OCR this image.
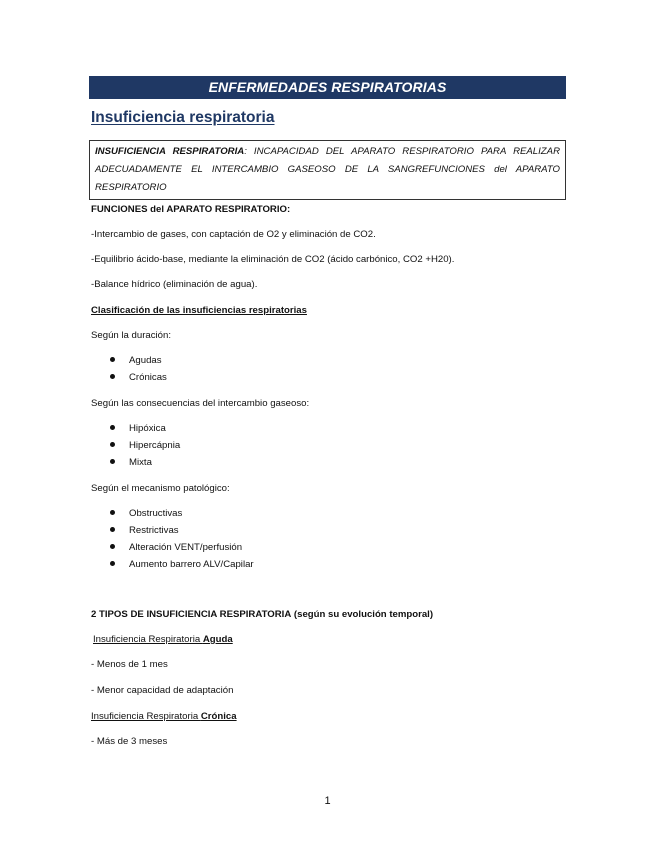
ENFERMEDADES RESPIRATORIAS
Insuficiencia respiratoria
INSUFICIENCIA RESPIRATORIA: INCAPACIDAD DEL APARATO RESPIRATORIO PARA REALIZAR ADECUADAMENTE EL INTERCAMBIO GASEOSO DE LA SANGREFUNCIONES del APARATO RESPIRATORIO
FUNCIONES del APARATO RESPIRATORIO:
-Intercambio de gases, con captación de O2 y eliminación de CO2.
-Equilibrio ácido-base, mediante la eliminación de CO2 (ácido carbónico, CO2 +H20).
-Balance hídrico (eliminación de agua).
Clasificación de las insuficiencias respiratorias
Según la duración:
Agudas
Crónicas
Según las consecuencias del intercambio gaseoso:
Hipóxica
Hipercápnia
Mixta
Según el mecanismo patológico:
Obstructivas
Restrictivas
Alteración VENT/perfusión
Aumento barrero ALV/Capilar
2 TIPOS DE INSUFICIENCIA RESPIRATORIA (según su evolución temporal)
Insuficiencia Respiratoria Aguda
- Menos de 1 mes
- Menor capacidad de adaptación
Insuficiencia Respiratoria Crónica
- Más de 3 meses
1
